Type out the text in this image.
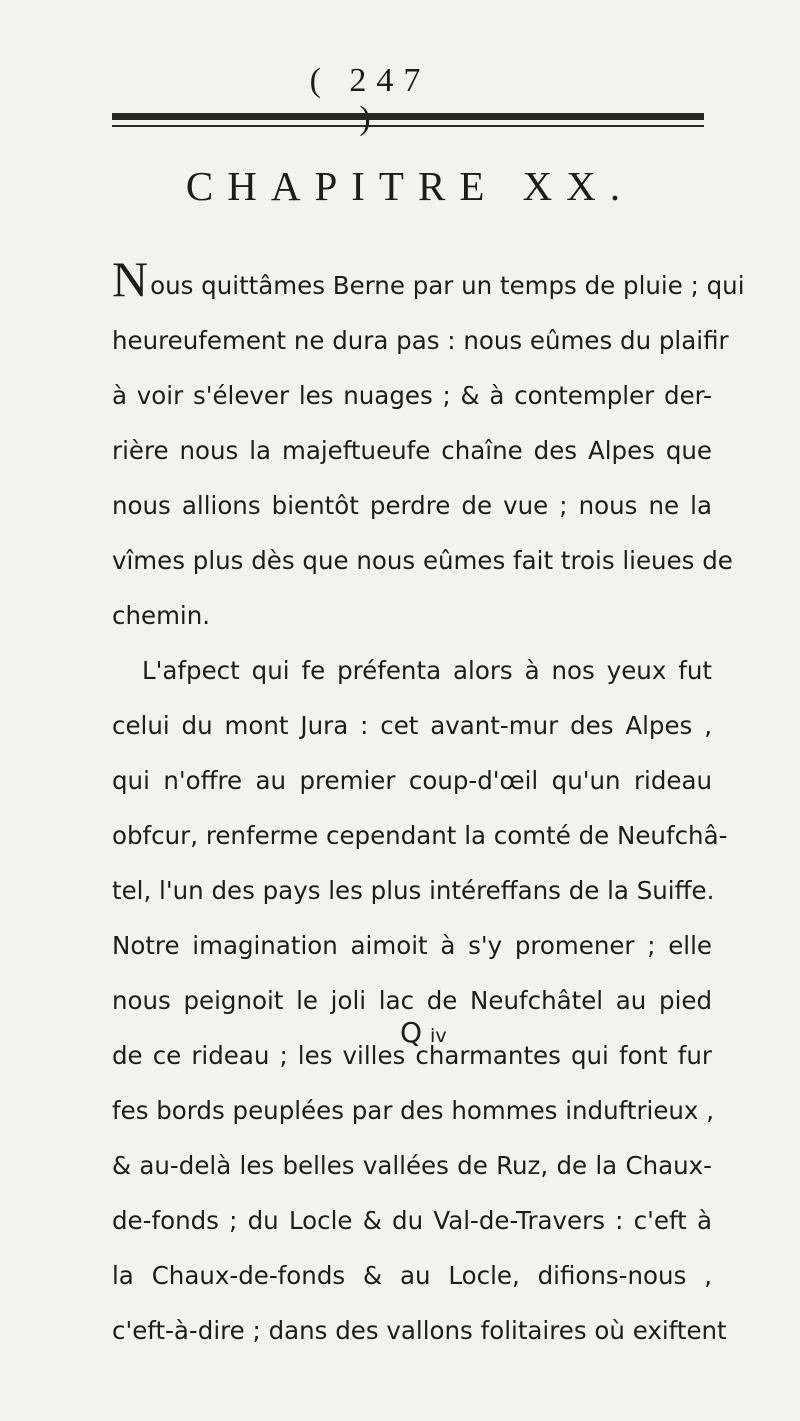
( 247
CHAPITRE XX.
Nous quittâmes Berne par un temps de pluie ; qui
heureufement ne dura pas : nous eûmes du plaifir
à voir s'élever les nuages ; & à contempler der-
rière nous la majeftueufe chaîne des Alpes que
nous allions bientôt perdre de vue ; nous ne la
vîmes plus dès que nous eûmes fait trois lieues de
chemin.
L'afpect qui fe préfenta alors à nos yeux fut
celui du mont Jura : cet avant-mur des Alpes ,
qui n'offre au premier coup-d'œil qu'un rideau
obfcur, renferme cependant la comté de Neufchâ-
tel, l'un des pays les plus intéreffans de la Suiffe.
Notre imagination aimoit à s'y promener ; elle
nous peignoit le joli lac de Neufchâtel au pied
de ce rideau ; les villes charmantes qui font fur
fes bords peuplées par des hommes induftrieux ,
& au-delà les belles vallées de Ruz, de la Chaux-
de-fonds ; du Locle & du Val-de-Travers : c'eft à
la Chaux-de-fonds & au Locle, difions-nous ,
c'eft-à-dire ; dans des vallons folitaires où exiftent
Q iv
